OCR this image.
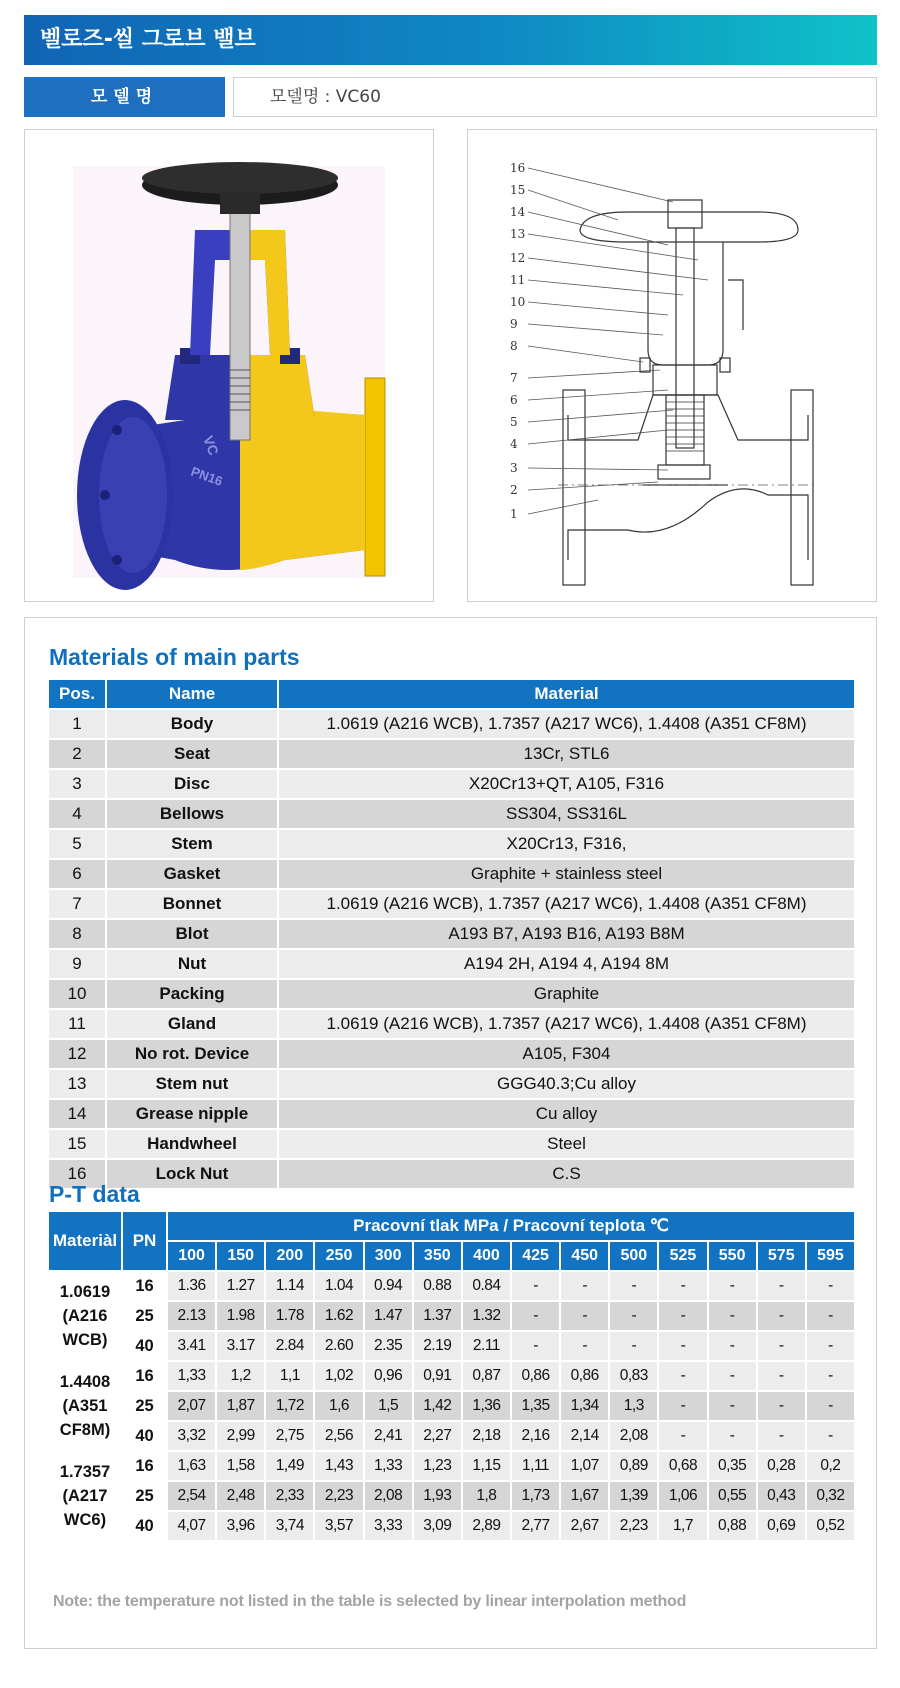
벨로즈-씰 그로브 밸브
모델명	모델명 : VC60
VC
PN16
16
15
14
13
12
11
10
9
8
7
6
5
4
3
2
1
Materials of main parts
Pos.	Name	Material
1	Body	1.0619 (A216 WCB), 1.7357 (A217 WC6), 1.4408 (A351 CF8M)
2	Seat	13Cr, STL6
3	Disc	X20Cr13+QT, A105, F316
4	Bellows	SS304, SS316L
5	Stem	X20Cr13, F316,
6	Gasket	Graphite + stainless steel
7	Bonnet	1.0619 (A216 WCB), 1.7357 (A217 WC6), 1.4408 (A351 CF8M)
8	Blot	A193 B7, A193 B16, A193 B8M
9	Nut	A194 2H, A194 4, A194 8M
10	Packing	Graphite
11	Gland	1.0619 (A216 WCB), 1.7357 (A217 WC6), 1.4408 (A351 CF8M)
12	No rot. Device	A105, F304
13	Stem nut	GGG40.3;Cu alloy
14	Grease nipple	Cu alloy
15	Handwheel	Steel
16	Lock Nut	C.S
P-T data
Materiàl	PN	Pracovní tlak MPa / Pracovní teplota ℃													
		100	150	200	250	300	350	400	425	450	500	525	550	575	595

1.0619
(A216
WCB)	16	1.36	1.27	1.14	1.04	0.94	0.88	0.84	-	-	-	-	-	-	-
	25	2.13	1.98	1.78	1.62	1.47	1.37	1.32	-	-	-	-	-	-	-
	40	3.41	3.17	2.84	2.60	2.35	2.19	2.11	-	-	-	-	-	-	-

1.4408
(A351
CF8M)	16	1,33	1,2	1,1	1,02	0,96	0,91	0,87	0,86	0,86	0,83	-	-	-	-
	25	2,07	1,87	1,72	1,6	1,5	1,42	1,36	1,35	1,34	1,3	-	-	-	-
	40	3,32	2,99	2,75	2,56	2,41	2,27	2,18	2,16	2,14	2,08	-	-	-	-

1.7357
(A217
WC6)	16	1,63	1,58	1,49	1,43	1,33	1,23	1,15	1,11	1,07	0,89	0,68	0,35	0,28	0,2
	25	2,54	2,48	2,33	2,23	2,08	1,93	1,8	1,73	1,67	1,39	1,06	0,55	0,43	0,32
	40	4,07	3,96	3,74	3,57	3,33	3,09	2,89	2,77	2,67	2,23	1,7	0,88	0,69	0,52
Note: the temperature not listed in the table is selected by linear interpolation method
